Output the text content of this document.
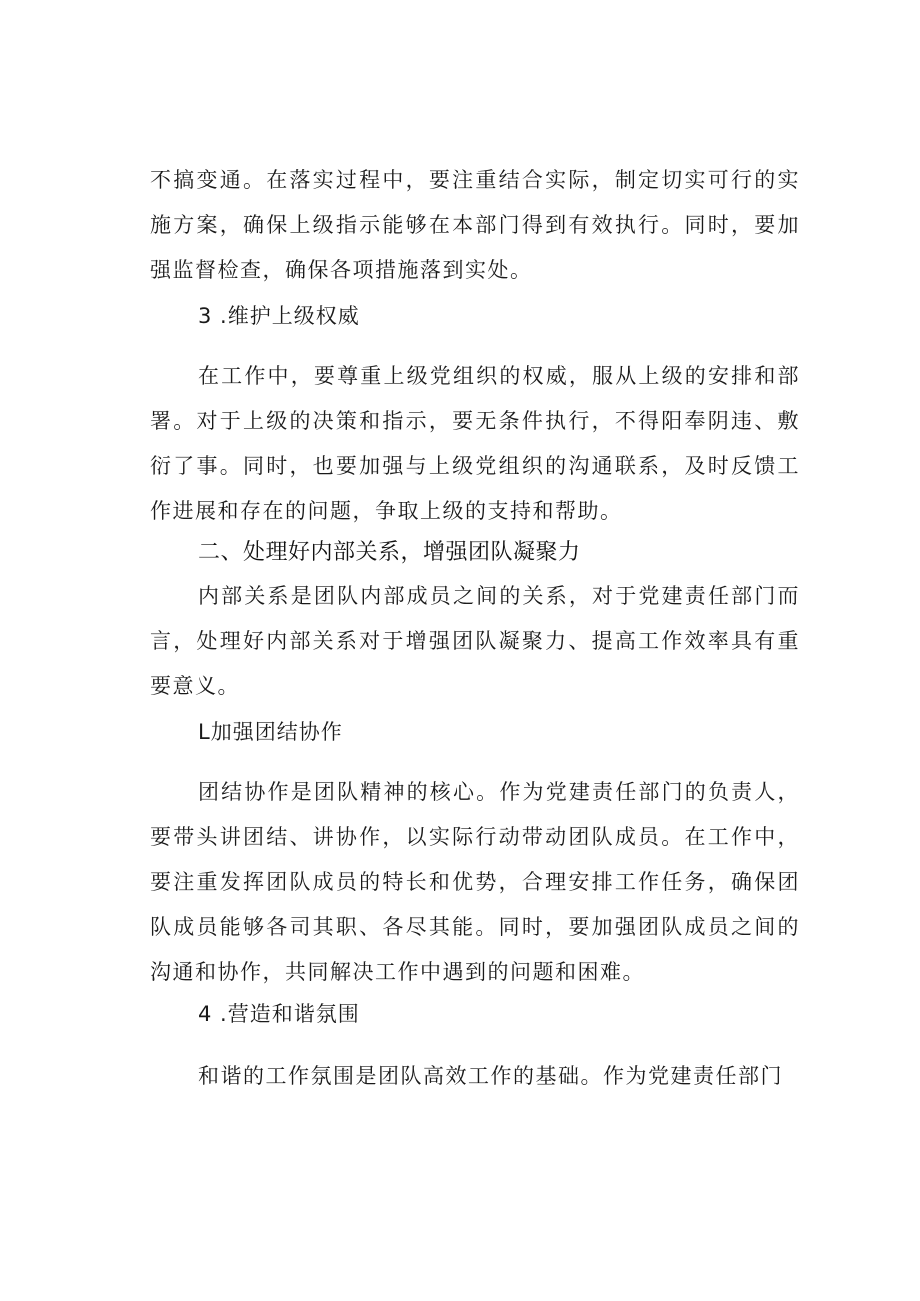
不搞变通。在落实过程中，要注重结合实际，制定切实可行的实施方案，确保上级指示能够在本部门得到有效执行。同时，要加强监督检查，确保各项措施落到实处。

3 .维护上级权威

在工作中，要尊重上级党组织的权威，服从上级的安排和部署。对于上级的决策和指示，要无条件执行，不得阳奉阴违、敷衍了事。同时，也要加强与上级党组织的沟通联系，及时反馈工作进展和存在的问题，争取上级的支持和帮助。

二、处理好内部关系，增强团队凝聚力

内部关系是团队内部成员之间的关系，对于党建责任部门而言，处理好内部关系对于增强团队凝聚力、提高工作效率具有重要意义。

L加强团结协作

团结协作是团队精神的核心。作为党建责任部门的负责人，要带头讲团结、讲协作，以实际行动带动团队成员。在工作中，要注重发挥团队成员的特长和优势，合理安排工作任务，确保团队成员能够各司其职、各尽其能。同时，要加强团队成员之间的沟通和协作，共同解决工作中遇到的问题和困难。

4 .营造和谐氛围

和谐的工作氛围是团队高效工作的基础。作为党建责任部门
